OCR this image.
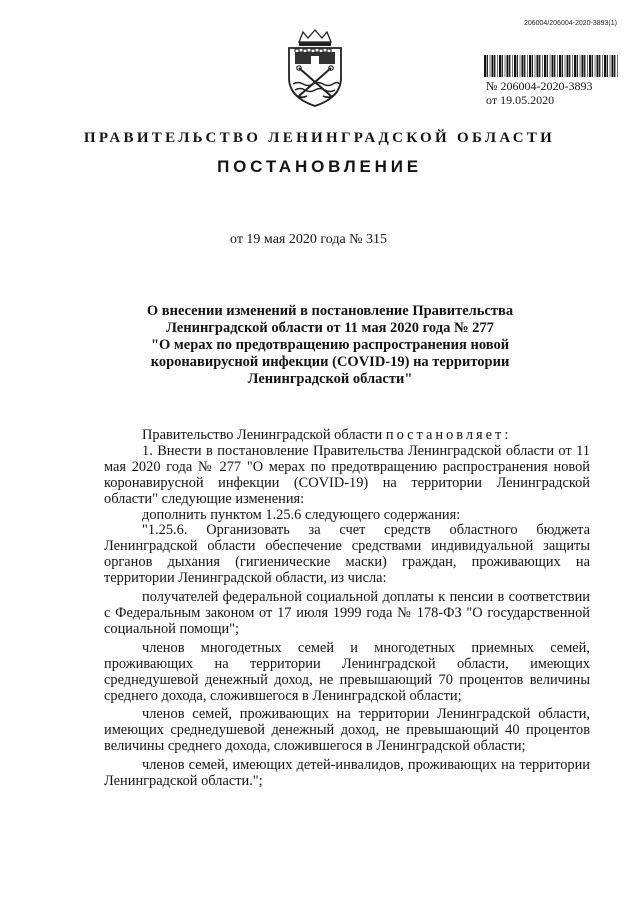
206004/206004-2020-3893(1)
№ 206004-2020-3893
от 19.05.2020
ПРАВИТЕЛЬСТВО ЛЕНИНГРАДСКОЙ ОБЛАСТИ
ПОСТАНОВЛЕНИЕ
от 19 мая 2020 года № 315
О внесении изменений в постановление Правительства
Ленинградской области от 11 мая 2020 года № 277
"О мерах по предотвращению распространения новой
коронавирусной инфекции (COVID-19) на территории
Ленинградской области"

Правительство Ленинградской области постановляет:

1. Внести в постановление Правительства Ленинградской области от 11 мая 2020 года № 277 "О мерах по предотвращению распространения новой коронавирусной инфекции (COVID-19) на территории Ленинградской области" следующие изменения:

дополнить пунктом 1.25.6 следующего содержания:

"1.25.6. Организовать за счет средств областного бюджета Ленинградской области обеспечение средствами индивидуальной защиты органов дыхания (гигиенические маски) граждан, проживающих на территории Ленинградской области, из числа:

получателей федеральной социальной доплаты к пенсии в соответствии с Федеральным законом от 17 июля 1999 года № 178-ФЗ "О государственной социальной помощи";

членов многодетных семей и многодетных приемных семей, проживающих на территории Ленинградской области, имеющих среднедушевой денежный доход, не превышающий 70 процентов величины среднего дохода, сложившегося в Ленинградской области;

членов семей, проживающих на территории Ленинградской области, имеющих среднедушевой денежный доход, не превышающий 40 процентов величины среднего дохода, сложившегося в Ленинградской области;

членов семей, имеющих детей-инвалидов, проживающих на территории Ленинградской области.";
